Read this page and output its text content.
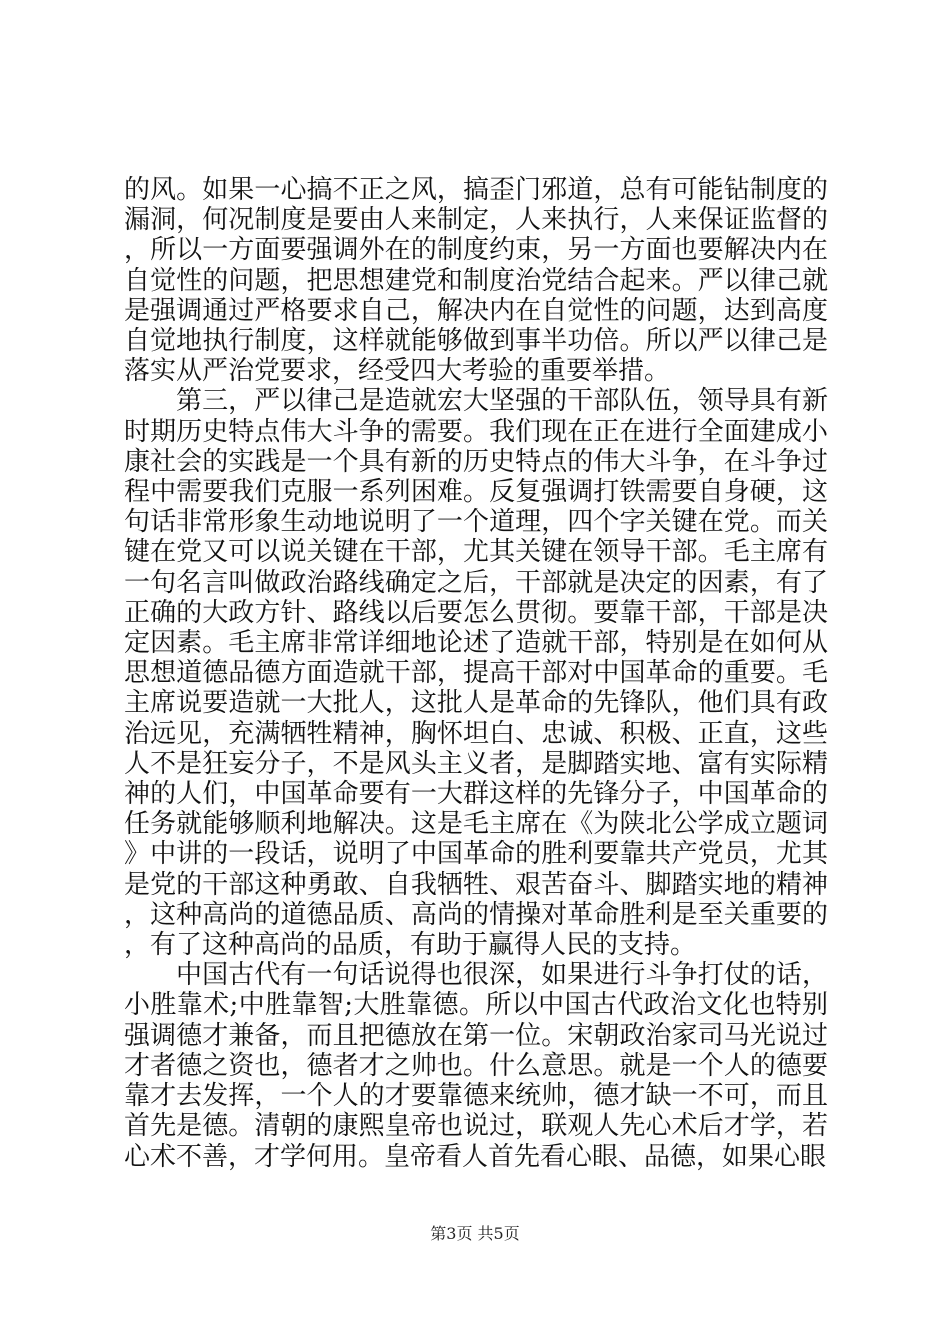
的风。如果一心搞不正之风，搞歪门邪道，总有可能钻制度的漏洞，何况制度是要由人来制定，人来执行，人来保证监督的，所以一方面要强调外在的制度约束，另一方面也要解决内在自觉性的问题，把思想建党和制度治党结合起来。严以律己就是强调通过严格要求自己，解决内在自觉性的问题，达到高度自觉地执行制度，这样就能够做到事半功倍。所以严以律己是落实从严治党要求，经受四大考验的重要举措。

第三，严以律己是造就宏大坚强的干部队伍，领导具有新时期历史特点伟大斗争的需要。我们现在正在进行全面建成小康社会的实践是一个具有新的历史特点的伟大斗争，在斗争过程中需要我们克服一系列困难。反复强调打铁需要自身硬，这句话非常形象生动地说明了一个道理，四个字关键在党。而关键在党又可以说关键在干部，尤其关键在领导干部。毛主席有一句名言叫做政治路线确定之后，干部就是决定的因素，有了正确的大政方针、路线以后要怎么贯彻。要靠干部，干部是决定因素。毛主席非常详细地论述了造就干部，特别是在如何从思想道德品德方面造就干部，提高干部对中国革命的重要。毛主席说要造就一大批人，这批人是革命的先锋队，他们具有政治远见，充满牺牲精神，胸怀坦白、忠诚、积极、正直，这些人不是狂妄分子，不是风头主义者，是脚踏实地、富有实际精神的人们，中国革命要有一大群这样的先锋分子，中国革命的任务就能够顺利地解决。这是毛主席在《为陕北公学成立题词》中讲的一段话，说明了中国革命的胜利要靠共产党员，尤其是党的干部这种勇敢、自我牺牲、艰苦奋斗、脚踏实地的精神，这种高尚的道德品质、高尚的情操对革命胜利是至关重要的，有了这种高尚的品质，有助于赢得人民的支持。

中国古代有一句话说得也很深，如果进行斗争打仗的话，小胜靠术;中胜靠智;大胜靠德。所以中国古代政治文化也特别强调德才兼备，而且把德放在第一位。宋朝政治家司马光说过才者德之资也，德者才之帅也。什么意思。就是一个人的德要靠才去发挥，一个人的才要靠德来统帅，德才缺一不可，而且首先是德。清朝的康熙皇帝也说过，联观人先心术后才学，若心术不善，才学何用。皇帝看人首先看心眼、品德，如果心眼

第3页 共5页
